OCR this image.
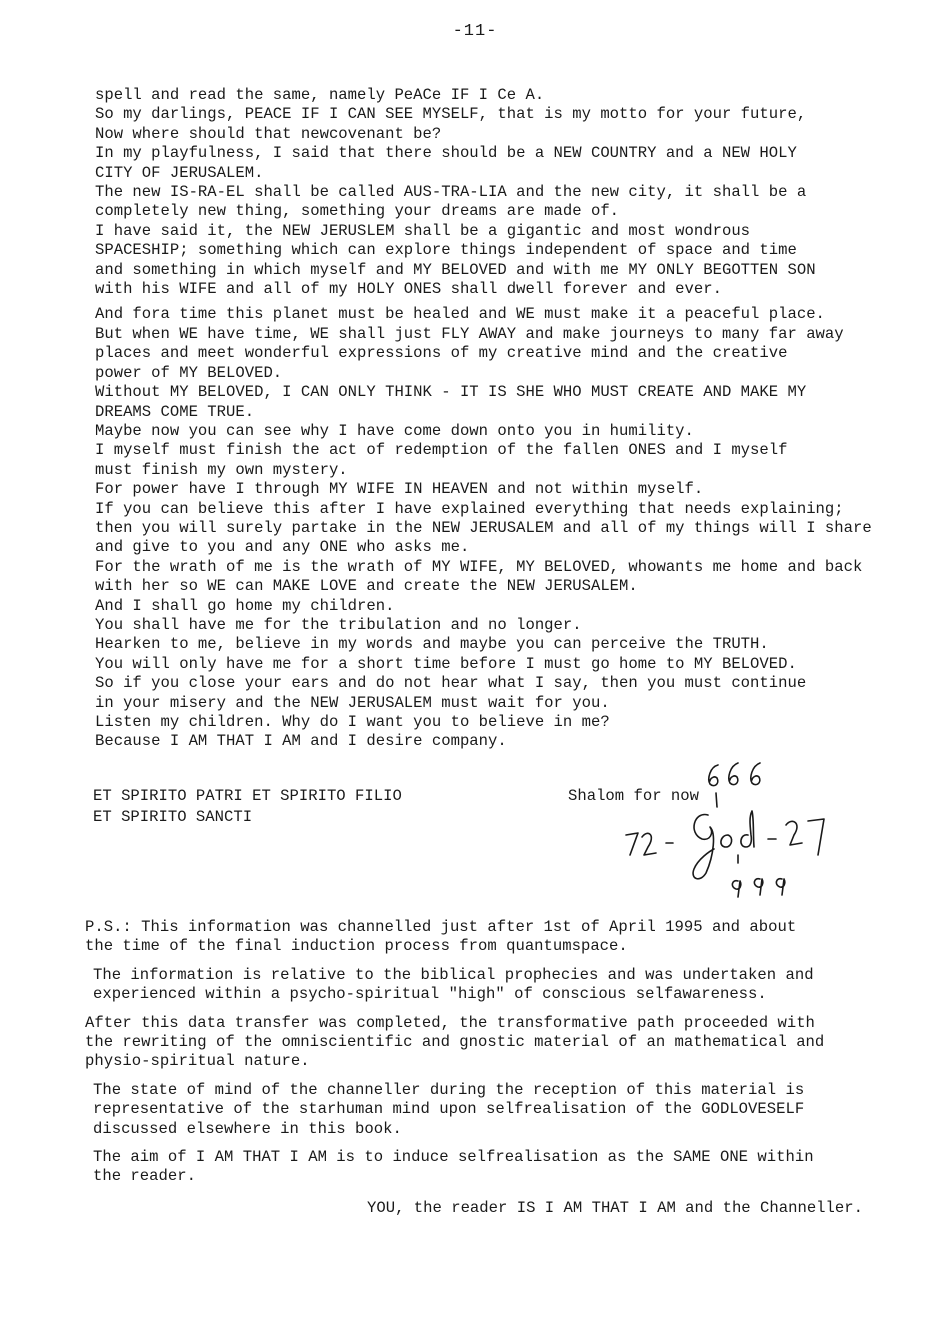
-11-

spell and read the same, namely PeACe IF I Ce A.

So my darlings, PEACE IF I CAN SEE MYSELF, that is my motto for your future,

Now where should that newcovenant be?

In my playfulness, I said that there should be a NEW COUNTRY and a NEW HOLY

CITY OF JERUSALEM.

The new IS-RA-EL shall be called AUS-TRA-LIA and the new city, it shall be a

completely new thing, something your dreams are made of.

I have said it, the NEW JERUSLEM shall be a gigantic and most wondrous

SPACESHIP; something which can explore things independent of space and time

and something in which myself and MY BELOVED and with me MY ONLY BEGOTTEN SON

with his WIFE and all of my HOLY ONES shall dwell forever and ever.

And fora time this planet must be healed and WE must make it a peaceful place.

But when WE have time, WE shall just FLY AWAY and make journeys to many far away

places and meet wonderful expressions of my creative mind and the creative

power of MY BELOVED.

Without MY BELOVED, I CAN ONLY THINK - IT IS SHE WHO MUST CREATE AND MAKE MY

DREAMS COME TRUE.

Maybe now you can see why I have come down onto you in humility.

I myself must finish the act of redemption of the fallen ONES and I myself

must finish my own mystery.

For power have I through MY WIFE IN HEAVEN and not within myself.

If you can believe this after I have explained everything that needs explaining;

then you will surely partake in the NEW JERUSALEM and all of my things will I share

and give to you and any ONE who asks me.

For the wrath of me is the wrath of MY WIFE, MY BELOVED, whowants me home and back

with her so WE can MAKE LOVE and create the NEW JERUSALEM.

And I shall go home my children.

You shall have me for the tribulation and no longer.

Hearken to me, believe in my words and maybe you can perceive the TRUTH.

You will only have me for a short time before I must go home to MY BELOVED.

So if you close your ears and do not hear what I say, then you must continue

in your misery and the NEW JERUSALEM must wait for you.

Listen my children. Why do I want you to believe in me?

Because I AM THAT I AM and I desire company.

ET SPIRITO PATRI ET SPIRITO FILIO
ET SPIRITO SANCTI
Shalom for now

P.S.: This information was channelled just after 1st of April 1995 and about
the time of the final induction process from quantumspace.

The information is relative to the biblical prophecies and was undertaken and
experienced within a psycho-spiritual "high" of conscious selfawareness.

After this data transfer was completed, the transformative path proceeded with
the rewriting of the omniscientific and gnostic material of an mathematical and
physio-spiritual nature.

The state of mind of the channeller during the reception of this material is
representative of the starhuman mind upon selfrealisation of the GODLOVESELF
discussed elsewhere in this book.

The aim of I AM THAT I AM is to induce selfrealisation as the SAME ONE within
the reader.

YOU, the reader IS I AM THAT I AM and the Channeller.
